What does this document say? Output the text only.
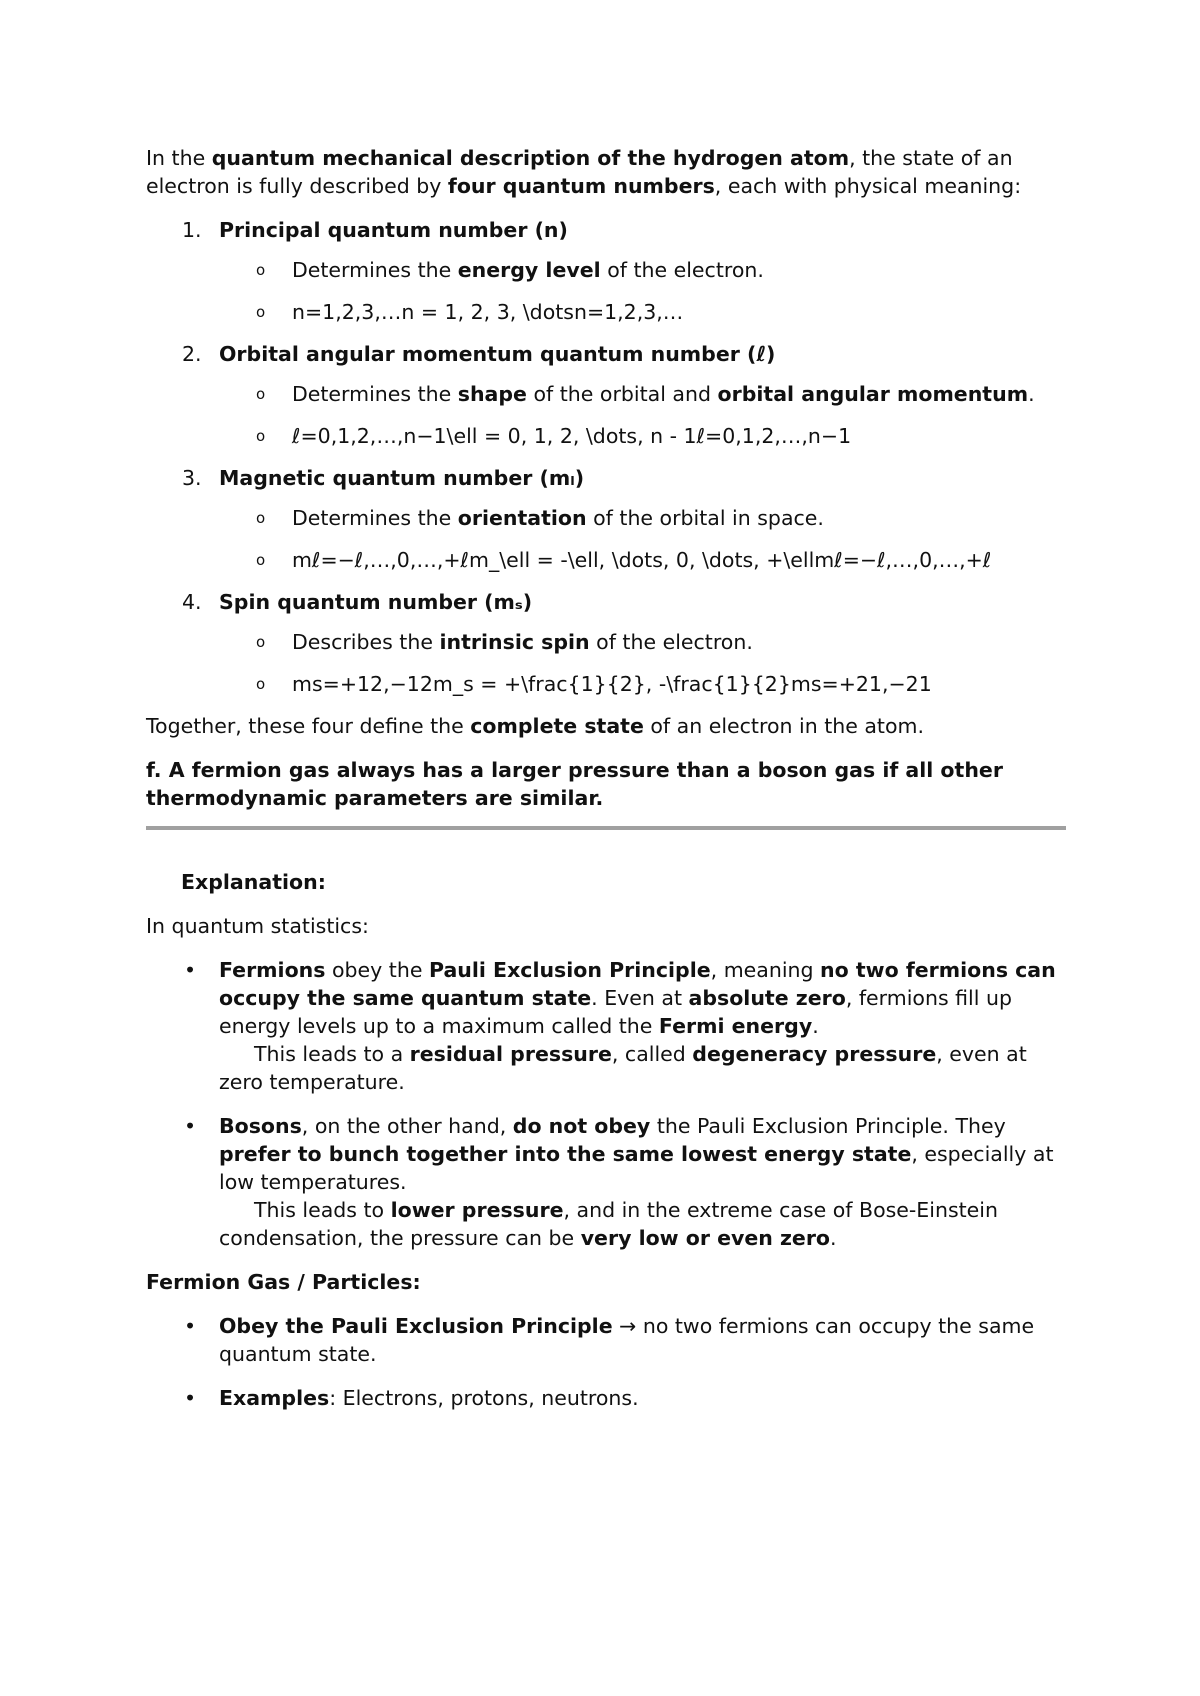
In the quantum mechanical description of the hydrogen atom, the state of an electron is fully described by four quantum numbers, each with physical meaning:

1. Principal quantum number (n)
o Determines the energy level of the electron.
o n=1,2,3,…n = 1, 2, 3, \dotsn=1,2,3,…
2. Orbital angular momentum quantum number (ℓ)
o Determines the shape of the orbital and orbital angular momentum.
o ℓ=0,1,2,…,n−1\ell = 0, 1, 2, \dots, n - 1ℓ=0,1,2,…,n−1
3. Magnetic quantum number (mₗ)
o Determines the orientation of the orbital in space.
o mℓ=−ℓ,…,0,…,+ℓm_\ell = -\ell, \dots, 0, \dots, +\ellmℓ=−ℓ,…,0,…,+ℓ
4. Spin quantum number (mₛ)
o Describes the intrinsic spin of the electron.
o ms=+12,−12m_s = +\frac{1}{2}, -\frac{1}{2}ms=+21,−21

Together, these four define the complete state of an electron in the atom.

f. A fermion gas always has a larger pressure than a boson gas if all other thermodynamic parameters are similar.

Explanation:

In quantum statistics:

• Fermions obey the Pauli Exclusion Principle, meaning no two fermions can occupy the same quantum state. Even at absolute zero, fermions fill up energy levels up to a maximum called the Fermi energy.
This leads to a residual pressure, called degeneracy pressure, even at zero temperature.
• Bosons, on the other hand, do not obey the Pauli Exclusion Principle. They prefer to bunch together into the same lowest energy state, especially at low temperatures.
This leads to lower pressure, and in the extreme case of Bose-Einstein condensation, the pressure can be very low or even zero.

Fermion Gas / Particles:

• Obey the Pauli Exclusion Principle → no two fermions can occupy the same quantum state.
• Examples: Electrons, protons, neutrons.
